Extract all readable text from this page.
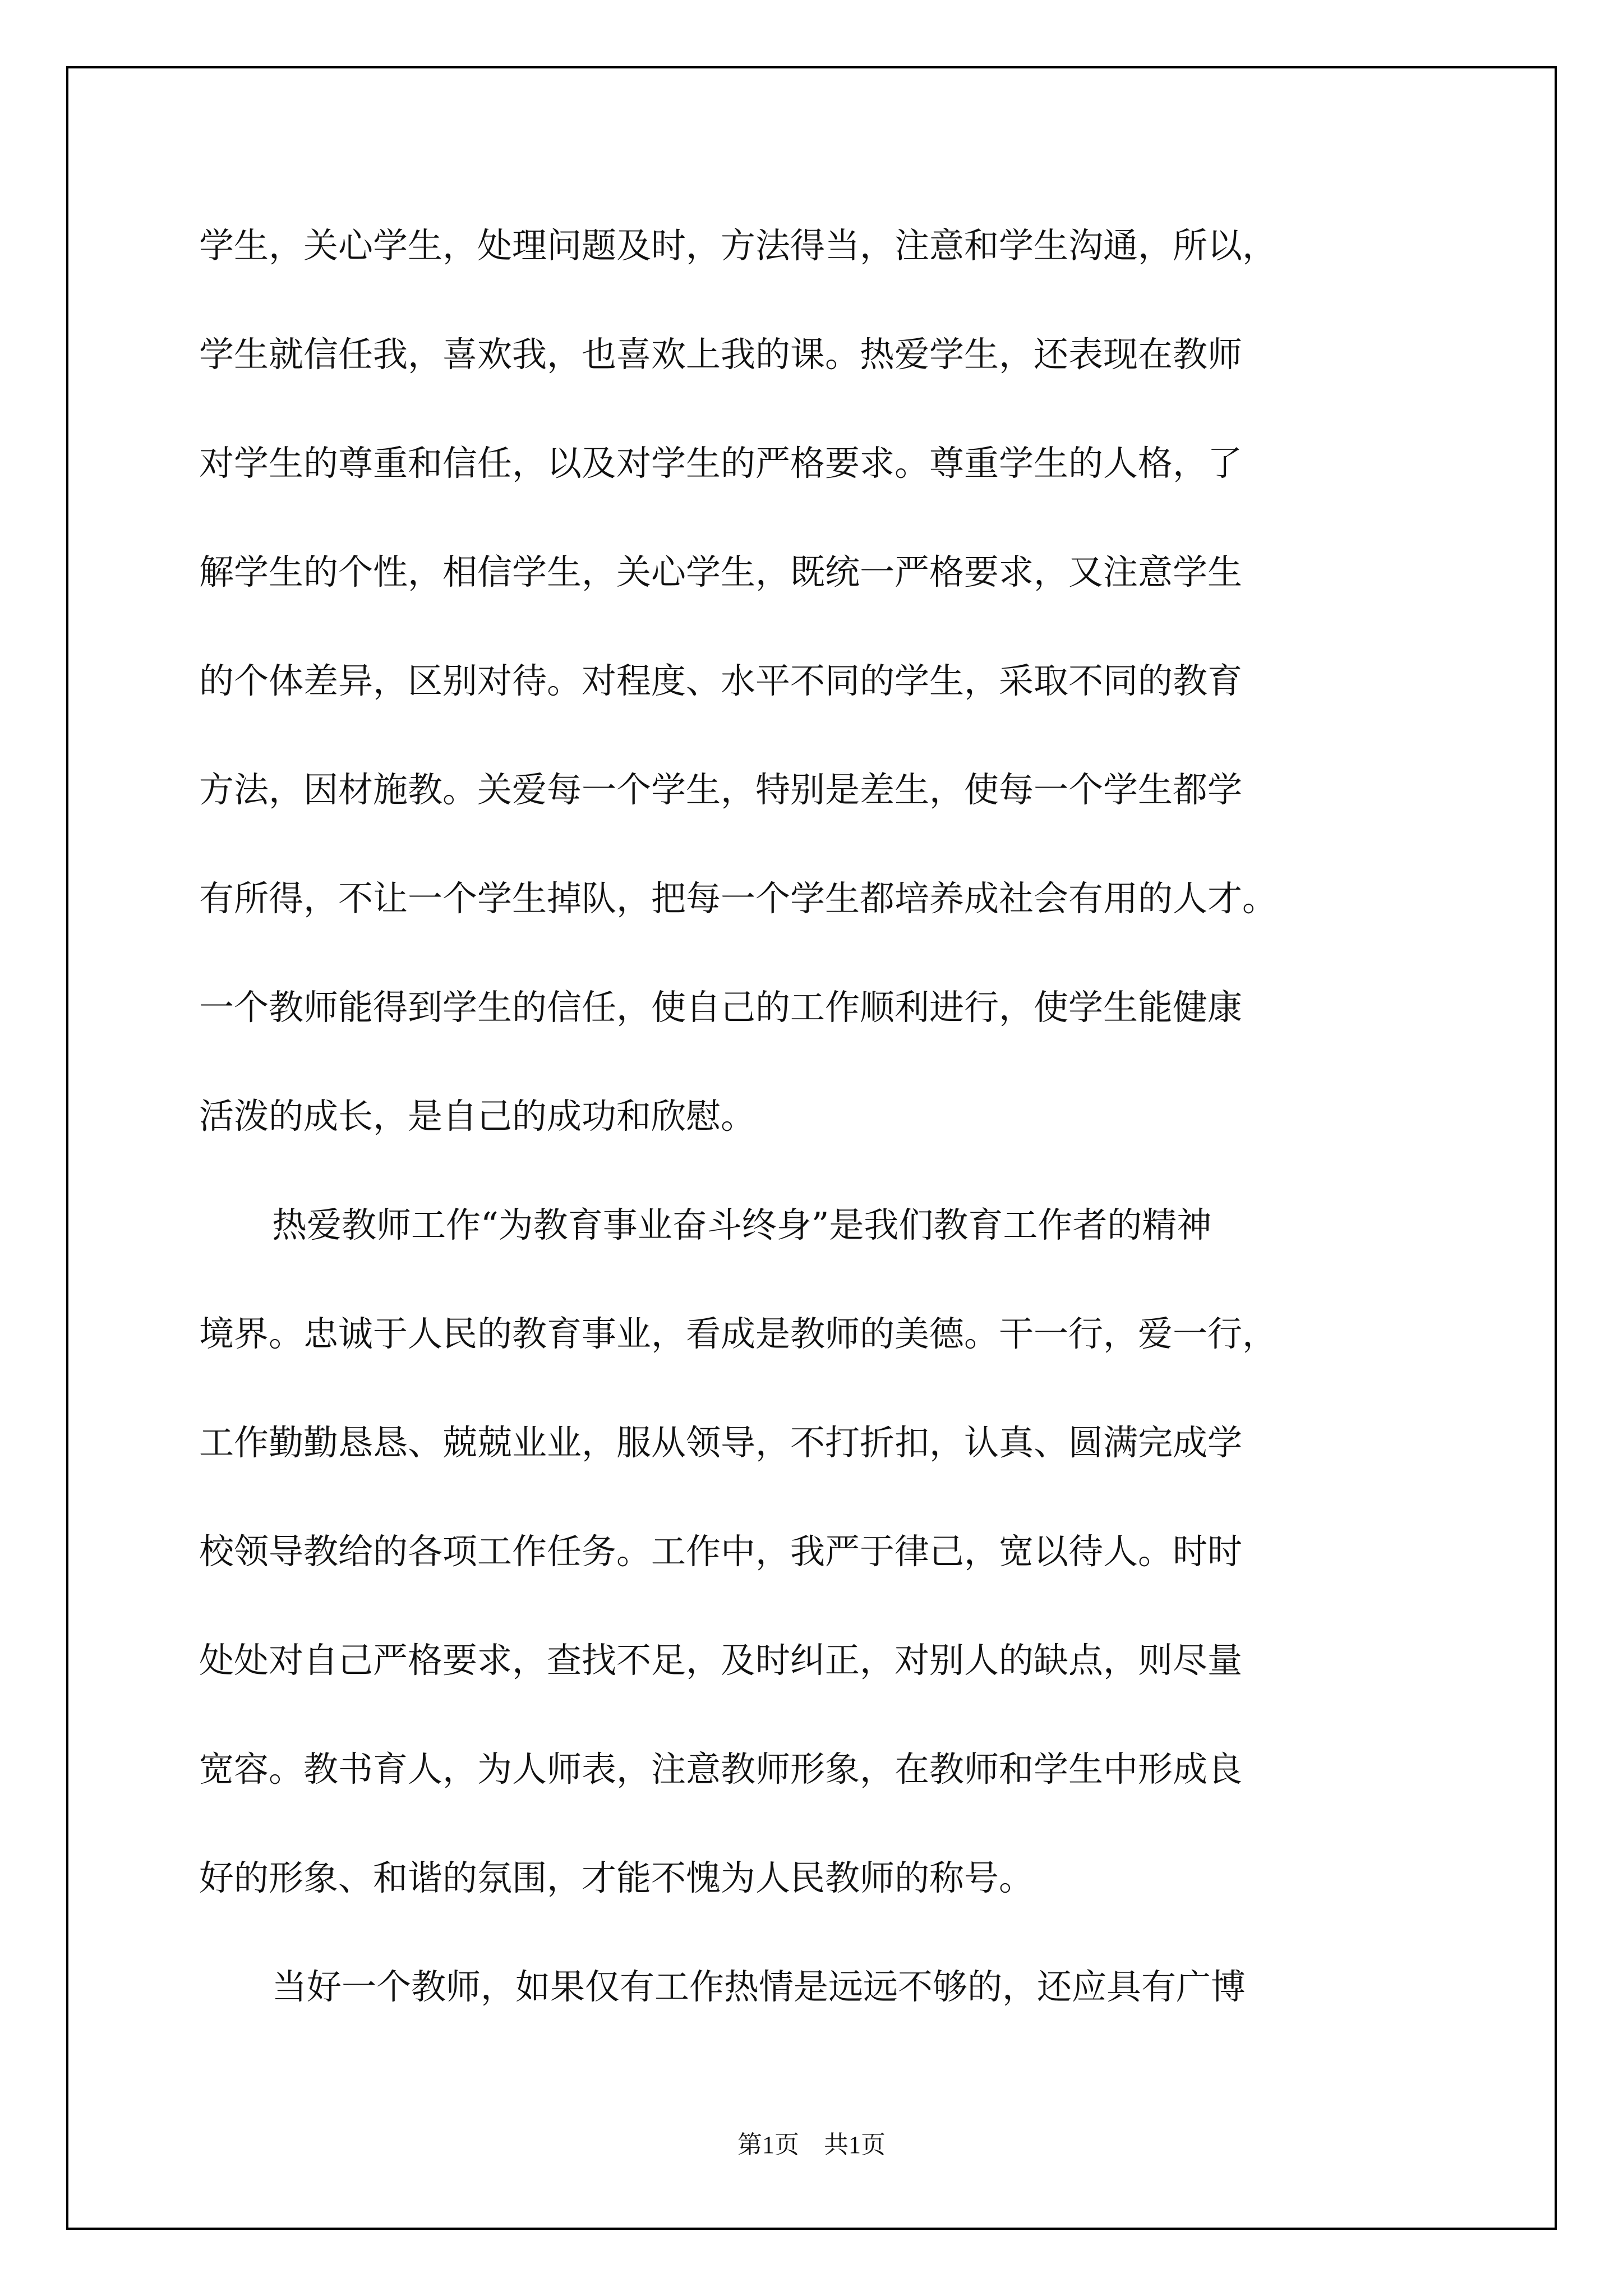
学生，关心学生，处理问题及时，方法得当，注意和学生沟通，所以，
学生就信任我，喜欢我，也喜欢上我的课。热爱学生，还表现在教师
对学生的尊重和信任，以及对学生的严格要求。尊重学生的人格，了
解学生的个性，相信学生，关心学生，既统一严格要求，又注意学生
的个体差异，区别对待。对程度、水平不同的学生，采取不同的教育
方法，因材施教。关爱每一个学生，特别是差生，使每一个学生都学
有所得，不让一个学生掉队，把每一个学生都培养成社会有用的人才。
一个教师能得到学生的信任，使自己的工作顺利进行，使学生能健康
活泼的成长，是自己的成功和欣慰。
热爱教师工作“为教育事业奋斗终身”是我们教育工作者的精神
境界。忠诚于人民的教育事业，看成是教师的美德。干一行，爱一行，
工作勤勤恳恳、兢兢业业，服从领导，不打折扣，认真、圆满完成学
校领导教给的各项工作任务。工作中，我严于律己，宽以待人。时时
处处对自己严格要求，查找不足，及时纠正，对别人的缺点，则尽量
宽容。教书育人，为人师表，注意教师形象，在教师和学生中形成良
好的形象、和谐的氛围，才能不愧为人民教师的称号。
当好一个教师，如果仅有工作热情是远远不够的，还应具有广博
第1页　共1页
